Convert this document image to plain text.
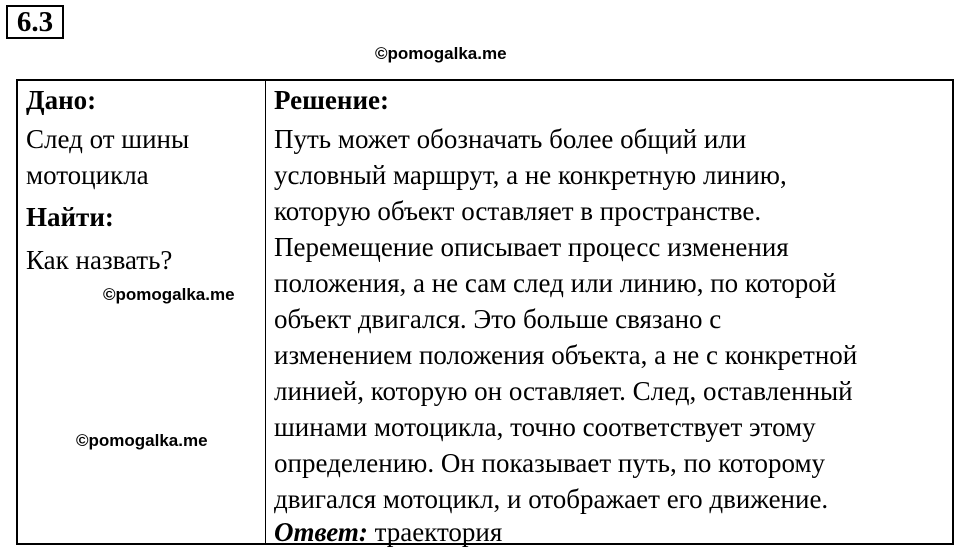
6.3
©pomogalka.me
Дано:
След от шины
мотоцикла
Найти:
Как назвать?
Решение:
Путь может обозначать более общий или
условный маршрут, а не конкретную линию,
которую объект оставляет в пространстве.
Перемещение описывает процесс изменения
положения, а не сам след или линию, по которой
объект двигался. Это больше связано с
изменением положения объекта, а не с конкретной
линией, которую он оставляет. След, оставленный
шинами мотоцикла, точно соответствует этому
определению. Он показывает путь, по которому
двигался мотоцикл, и отображает его движение.
Ответ: траектория
©pomogalka.me
©pomogalka.me
